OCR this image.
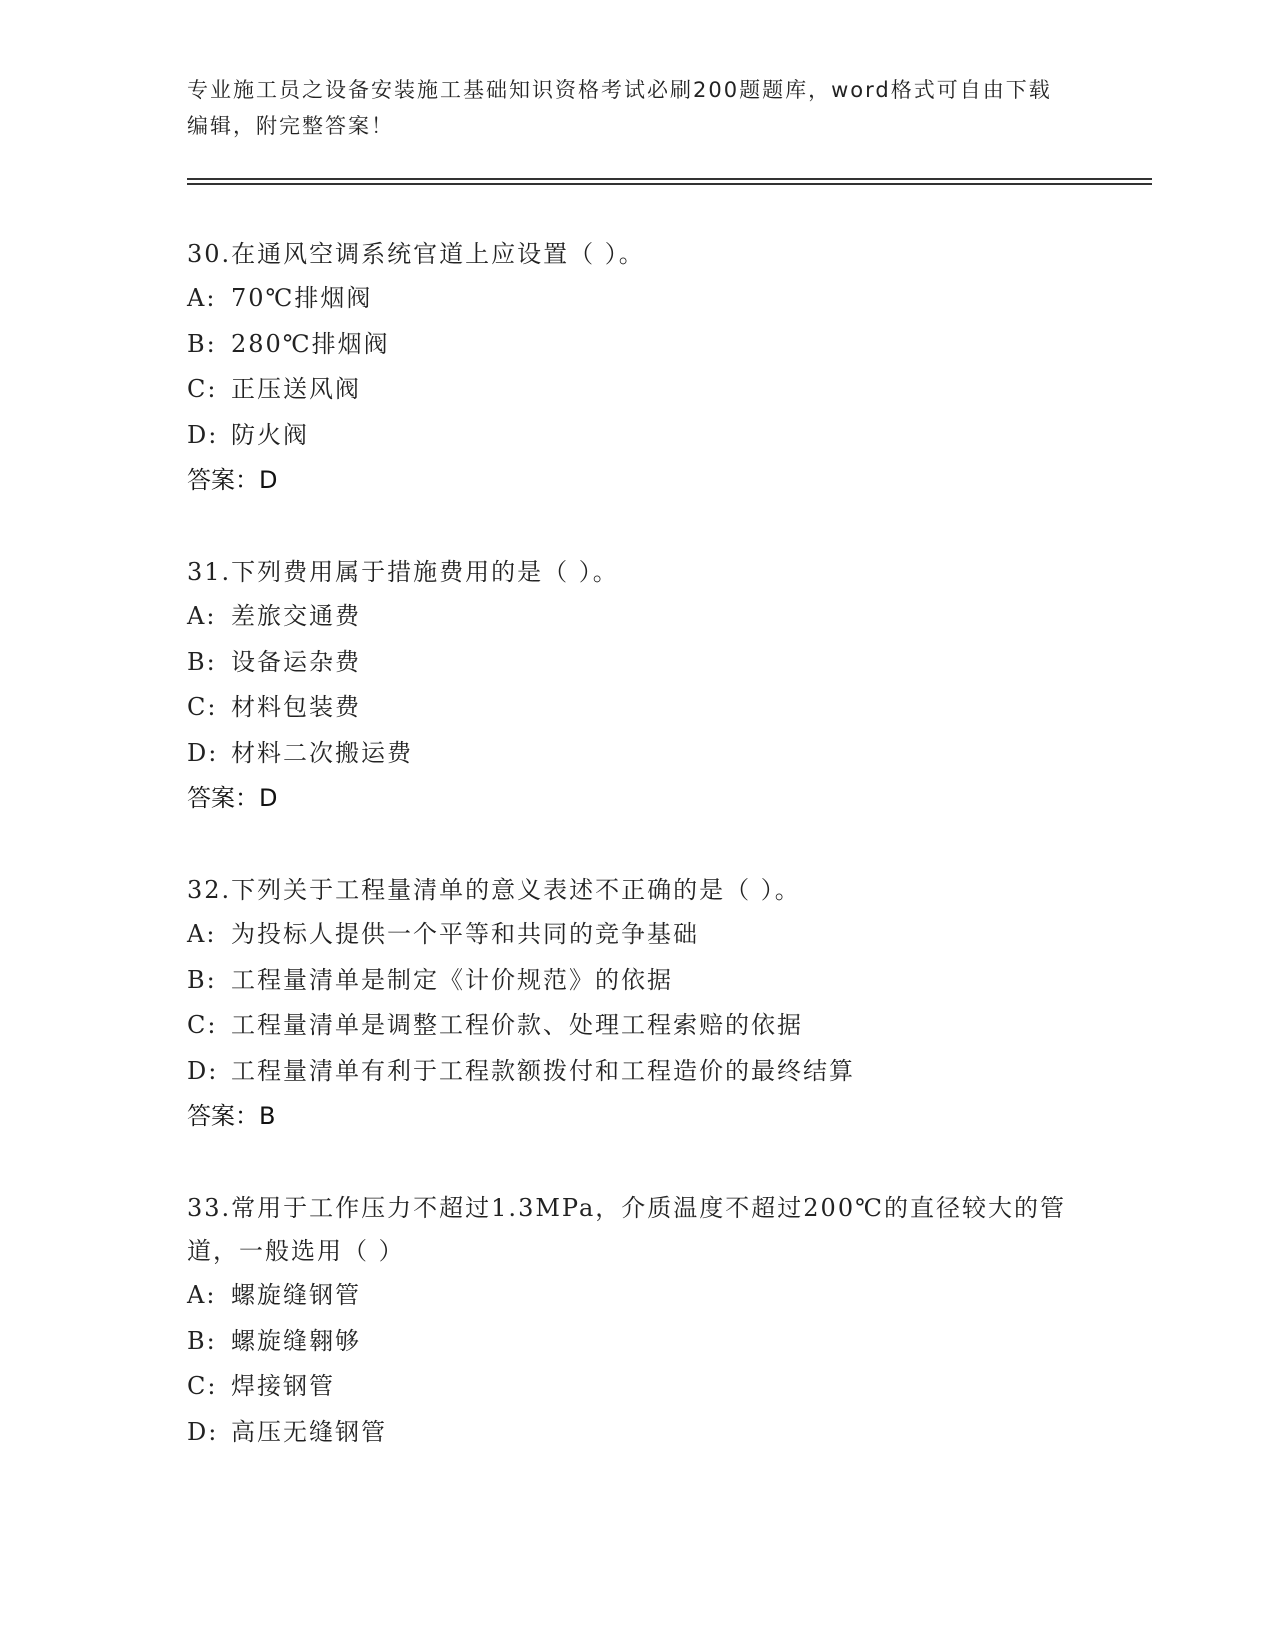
专业施工员之设备安装施工基础知识资格考试必刷200题题库，word格式可自由下载编辑，附完整答案！
30.在通风空调系统官道上应设置（ ）。
A: 70℃排烟阀
B: 280℃排烟阀
C: 正压送风阀
D: 防火阀
答案：D
31.下列费用属于措施费用的是（ ）。
A: 差旅交通费
B: 设备运杂费
C: 材料包装费
D: 材料二次搬运费
答案：D
32.下列关于工程量清单的意义表述不正确的是（ ）。
A: 为投标人提供一个平等和共同的竞争基础
B: 工程量清单是制定《计价规范》的依据
C: 工程量清单是调整工程价款、处理工程索赔的依据
D: 工程量清单有利于工程款额拨付和工程造价的最终结算
答案：B
33.常用于工作压力不超过1.3MPa，介质温度不超过200℃的直径较大的管道，一般选用（ ）
A: 螺旋缝钢管
B: 螺旋缝翱够
C: 焊接钢管
D: 高压无缝钢管
